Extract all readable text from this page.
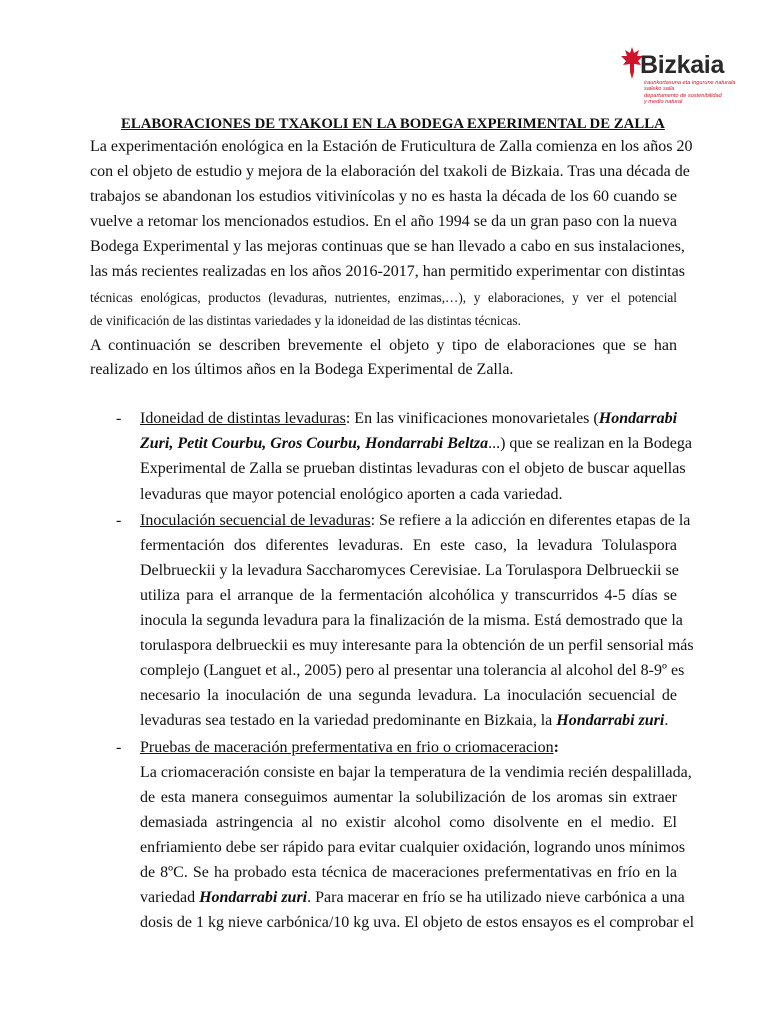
Bizkaia
iraunkortasuna eta ingurune naturala
saileko saila
departamento de sostenibilidad
y medio natural
ELABORACIONES DE TXAKOLI EN LA BODEGA EXPERIMENTAL DE ZALLA
La experimentación enológica en la Estación de Fruticultura de Zalla comienza en los años 20
con el objeto de estudio y mejora de la elaboración del txakoli de Bizkaia. Tras una década de
trabajos se abandonan los estudios vitivinícolas y no es hasta la década de los 60 cuando se
vuelve a retomar los mencionados estudios. En el año 1994 se da un gran paso con la nueva
Bodega Experimental y las mejoras continuas que se han llevado a cabo en sus instalaciones,
las más recientes realizadas en los años 2016-2017, han permitido experimentar con distintas
técnicas enológicas, productos (levaduras, nutrientes, enzimas,…), y elaboraciones, y ver el potencial
de vinificación de las distintas variedades y la idoneidad de las distintas técnicas.
A continuación se describen brevemente el objeto y tipo de elaboraciones que se han
realizado en los últimos años en la Bodega Experimental de Zalla.
- Idoneidad de distintas levaduras: En las vinificaciones monovarietales (Hondarrabi
Zuri, Petit Courbu, Gros Courbu, Hondarrabi Beltza...) que se realizan en la Bodega
Experimental de Zalla se prueban distintas levaduras con el objeto de buscar aquellas
levaduras que mayor potencial enológico aporten a cada variedad.
- Inoculación secuencial de levaduras: Se refiere a la adicción en diferentes etapas de la
fermentación dos diferentes levaduras. En este caso, la levadura Tolulaspora
Delbrueckii y la levadura Saccharomyces Cerevisiae. La Torulaspora Delbrueckii se
utiliza para el arranque de la fermentación alcohólica y transcurridos 4-5 días se
inocula la segunda levadura para la finalización de la misma. Está demostrado que la
torulaspora delbrueckii es muy interesante para la obtención de un perfil sensorial más
complejo (Languet et al., 2005) pero al presentar una tolerancia al alcohol del 8-9º es
necesario la inoculación de una segunda levadura. La inoculación secuencial de
levaduras sea testado en la variedad predominante en Bizkaia, la Hondarrabi zuri.
- Pruebas de maceración prefermentativa en frio o criomaceracion:
La criomaceración consiste en bajar la temperatura de la vendimia recién despalillada,
de esta manera conseguimos aumentar la solubilización de los aromas sin extraer
demasiada astringencia al no existir alcohol como disolvente en el medio. El
enfriamiento debe ser rápido para evitar cualquier oxidación, logrando unos mínimos
de 8ºC. Se ha probado esta técnica de maceraciones prefermentativas en frío en la
variedad Hondarrabi zuri. Para macerar en frío se ha utilizado nieve carbónica a una
dosis de 1 kg nieve carbónica/10 kg uva. El objeto de estos ensayos es el comprobar el
